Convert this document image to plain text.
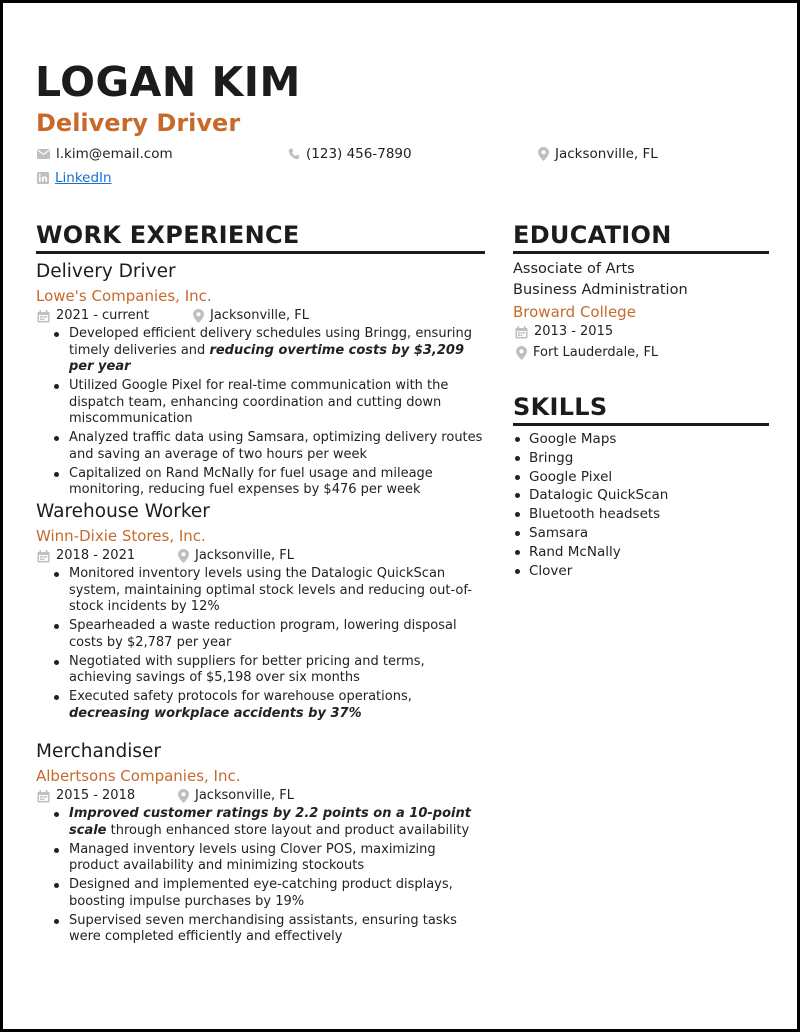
LOGAN KIM
Delivery Driver
l.kim@email.com	(123) 456-7890	Jacksonville, FL
LinkedIn
WORK EXPERIENCE
Delivery Driver
Lowe's Companies, Inc.
2021 - current	Jacksonville, FL
Developed efficient delivery schedules using Bringg, ensuring timely deliveries and reducing overtime costs by $3,209 per year
Utilized Google Pixel for real-time communication with the dispatch team, enhancing coordination and cutting down miscommunication
Analyzed traffic data using Samsara, optimizing delivery routes and saving an average of two hours per week
Capitalized on Rand McNally for fuel usage and mileage monitoring, reducing fuel expenses by $476 per week
Warehouse Worker
Winn-Dixie Stores, Inc.
2018 - 2021	Jacksonville, FL
Monitored inventory levels using the Datalogic QuickScan system, maintaining optimal stock levels and reducing out-of-stock incidents by 12%
Spearheaded a waste reduction program, lowering disposal costs by $2,787 per year
Negotiated with suppliers for better pricing and terms, achieving savings of $5,198 over six months
Executed safety protocols for warehouse operations, decreasing workplace accidents by 37%
Merchandiser
Albertsons Companies, Inc.
2015 - 2018	Jacksonville, FL
Improved customer ratings by 2.2 points on a 10-point scale through enhanced store layout and product availability
Managed inventory levels using Clover POS, maximizing product availability and minimizing stockouts
Designed and implemented eye-catching product displays, boosting impulse purchases by 19%
Supervised seven merchandising assistants, ensuring tasks were completed efficiently and effectively
EDUCATION
Associate of Arts
Business Administration
Broward College
2013 - 2015
Fort Lauderdale, FL
SKILLS
Google Maps
Bringg
Google Pixel
Datalogic QuickScan
Bluetooth headsets
Samsara
Rand McNally
Clover
